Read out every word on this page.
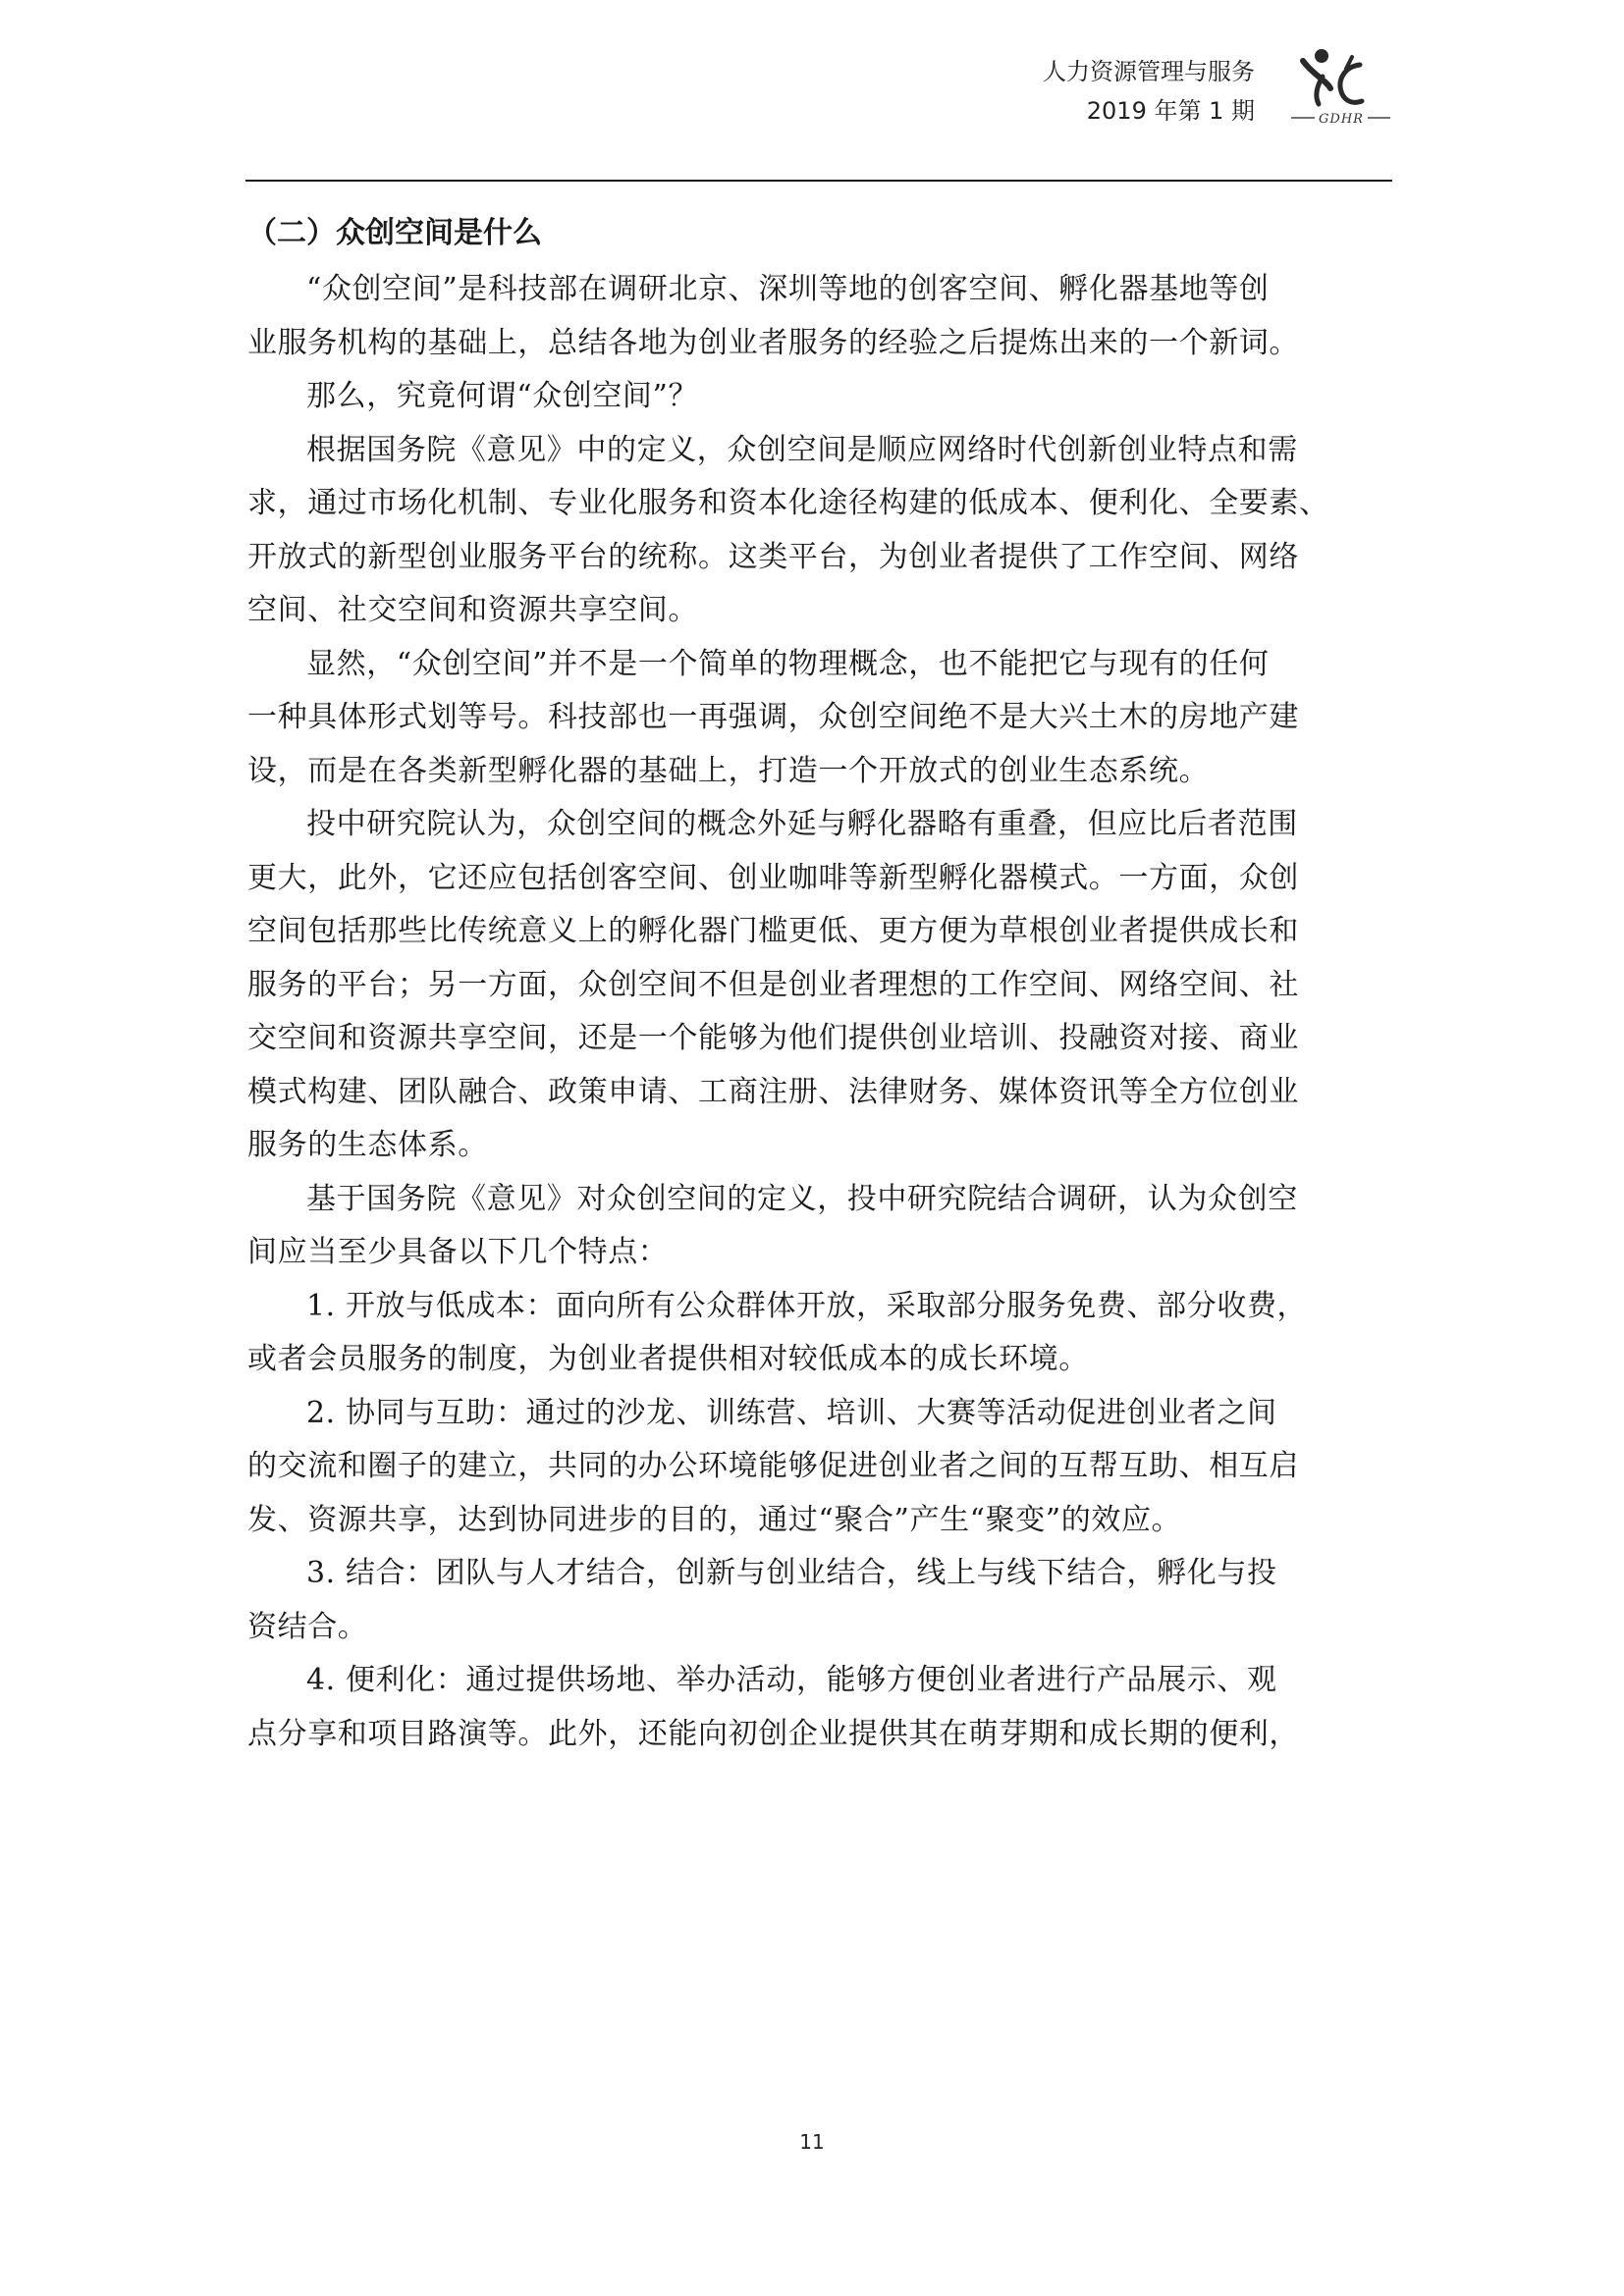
人力资源管理与服务
2019 年第 1 期	GDHR
（二）众创空间是什么

“众创空间”是科技部在调研北京、深圳等地的创客空间、孵化器基地等创
业服务机构的基础上，总结各地为创业者服务的经验之后提炼出来的一个新词。

那么，究竟何谓“众创空间”？

根据国务院《意见》中的定义，众创空间是顺应网络时代创新创业特点和需
求，通过市场化机制、专业化服务和资本化途径构建的低成本、便利化、全要素、
开放式的新型创业服务平台的统称。这类平台，为创业者提供了工作空间、网络
空间、社交空间和资源共享空间。

显然，“众创空间”并不是一个简单的物理概念，也不能把它与现有的任何
一种具体形式划等号。科技部也一再强调，众创空间绝不是大兴土木的房地产建
设，而是在各类新型孵化器的基础上，打造一个开放式的创业生态系统。

投中研究院认为，众创空间的概念外延与孵化器略有重叠，但应比后者范围
更大，此外，它还应包括创客空间、创业咖啡等新型孵化器模式。一方面，众创
空间包括那些比传统意义上的孵化器门槛更低、更方便为草根创业者提供成长和
服务的平台；另一方面，众创空间不但是创业者理想的工作空间、网络空间、社
交空间和资源共享空间，还是一个能够为他们提供创业培训、投融资对接、商业
模式构建、团队融合、政策申请、工商注册、法律财务、媒体资讯等全方位创业
服务的生态体系。

基于国务院《意见》对众创空间的定义，投中研究院结合调研，认为众创空
间应当至少具备以下几个特点：

1. 开放与低成本：面向所有公众群体开放，采取部分服务免费、部分收费，
或者会员服务的制度，为创业者提供相对较低成本的成长环境。

2. 协同与互助：通过的沙龙、训练营、培训、大赛等活动促进创业者之间
的交流和圈子的建立，共同的办公环境能够促进创业者之间的互帮互助、相互启
发、资源共享，达到协同进步的目的，通过“聚合”产生“聚变”的效应。

3. 结合：团队与人才结合，创新与创业结合，线上与线下结合，孵化与投
资结合。

4. 便利化：通过提供场地、举办活动，能够方便创业者进行产品展示、观
点分享和项目路演等。此外，还能向初创企业提供其在萌芽期和成长期的便利，

11
